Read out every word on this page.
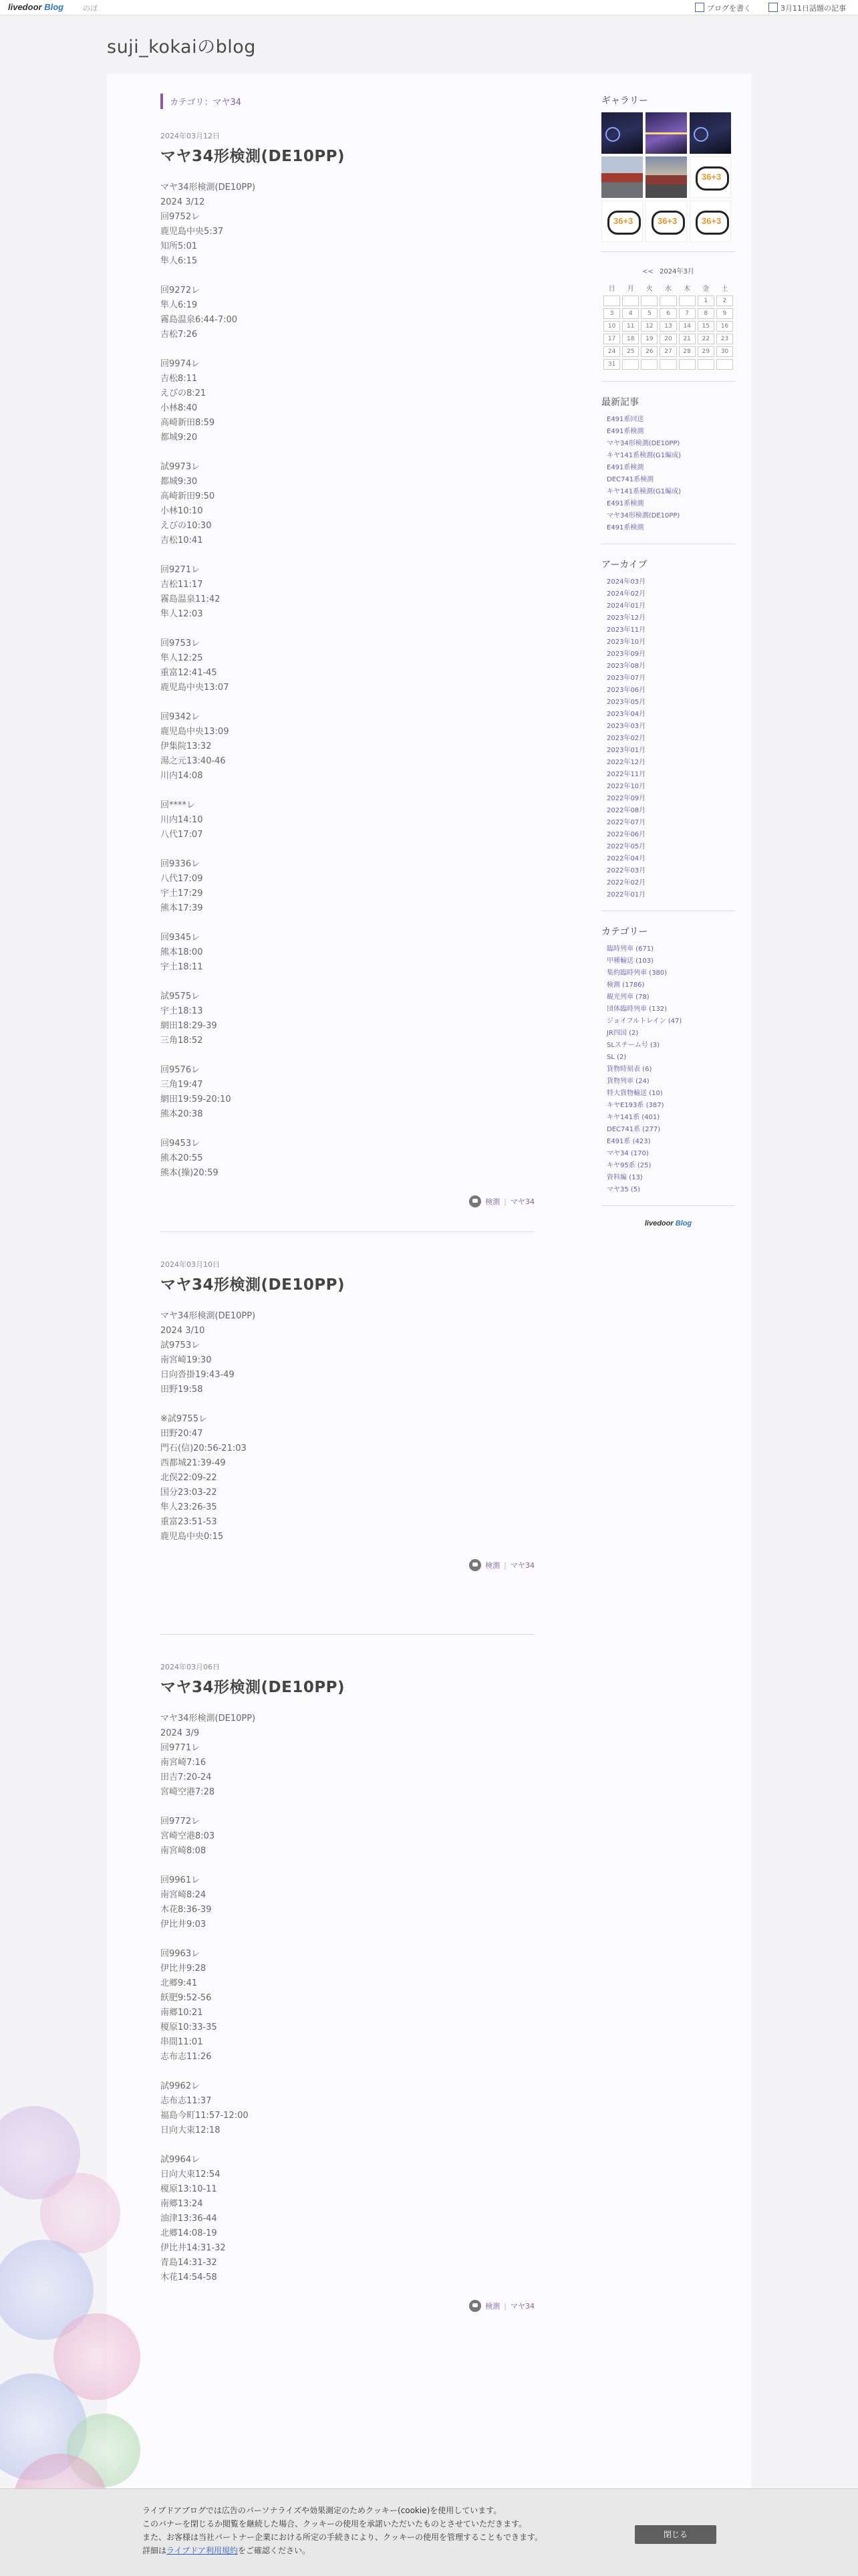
livedoor Blog	のぼ	ブログを書く	3月11日話題の記事
suji_kokaiのblog
カテゴリ：マヤ34
2024年03月12日
マヤ34形検測(DE10PP)
マヤ34形検測(DE10PP)
2024 3/12
回9752レ
鹿児島中央5:37
知所5:01
隼人6:15
回9272レ
隼人6:19
霧島温泉6:44-7:00
吉松7:26
回9974レ
吉松8:11
えびの8:21
小林8:40
高崎新田8:59
都城9:20
試9973レ
都城9:30
高崎新田9:50
小林10:10
えびの10:30
吉松10:41
回9271レ
吉松11:17
霧島温泉11:42
隼人12:03
回9753レ
隼人12:25
重富12:41-45
鹿児島中央13:07
回9342レ
鹿児島中央13:09
伊集院13:32
湯之元13:40-46
川内14:08
回****レ
川内14:10
八代17:07
回9336レ
八代17:09
宇土17:29
熊本17:39
回9345レ
熊本18:00
宇土18:11
試9575レ
宇土18:13
網田18:29-39
三角18:52
回9576レ
三角19:47
網田19:59-20:10
熊本20:38
回9453レ
熊本20:55
熊本(操)20:59
検測 | マヤ34
2024年03月10日
マヤ34形検測(DE10PP)
マヤ34形検測(DE10PP)
2024 3/10
試9753レ
南宮崎19:30
日向沓掛19:43-49
田野19:58
※試9755レ
田野20:47
門石(信)20:56-21:03
西都城21:39-49
北俣22:09-22
国分23:03-22
隼人23:26-35
重富23:51-53
鹿児島中央0:15
検測 | マヤ34
2024年03月06日
マヤ34形検測(DE10PP)
マヤ34形検測(DE10PP)
2024 3/9
回9771レ
南宮崎7:16
田吉7:20-24
宮崎空港7:28
回9772レ
宮崎空港8:03
南宮崎8:08
回9961レ
南宮崎8:24
木花8:36-39
伊比井9:03
回9963レ
伊比井9:28
北郷9:41
飫肥9:52-56
南郷10:21
榎原10:33-35
串間11:01
志布志11:26
試9962レ
志布志11:37
福島今町11:57-12:00
日向大束12:18
試9964レ
日向大束12:54
榎原13:10-11
南郷13:24
油津13:36-44
北郷14:08-19
伊比井14:31-32
青島14:31-32
木花14:54-58
検測 | マヤ34
ギャラリー
36+3
36+3	36+3	36+3
<< 2024年3月
日	月	火	水	木	金	土
					1	2
3	4	5	6	7	8	9
10	11	12	13	14	15	16
17	18	19	20	21	22	23
24	25	26	27	28	29	30
31						
最新記事
E491系回送
E491系検測
マヤ34形検測(DE10PP)
キヤ141系検測(G1編成)
E491系検測
DEC741系検測
キヤ141系検測(G1編成)
E491系検測
マヤ34形検測(DE10PP)
E491系検測
アーカイブ
2024年03月
2024年02月
2024年01月
2023年12月
2023年11月
2023年10月
2023年09月
2023年08月
2023年07月
2023年06月
2023年05月
2023年04月
2023年03月
2023年02月
2023年01月
2022年12月
2022年11月
2022年10月
2022年09月
2022年08月
2022年07月
2022年06月
2022年05月
2022年04月
2022年03月
2022年02月
2022年01月
カテゴリー
臨時列車 (671)
甲種輸送 (103)
集約臨時列車 (380)
検測 (1786)
観光列車 (78)
団体臨時列車 (132)
ジョイフルトレイン (47)
JR四国 (2)
SLスチーム号 (3)
SL (2)
貨物時刻表 (6)
貨物列車 (24)
特大貨物輸送 (10)
キヤE193系 (387)
キヤ141系 (401)
DEC741系 (277)
E491系 (423)
マヤ34 (170)
キヤ95系 (25)
資料編 (13)
マヤ35 (5)
livedoor Blog
ライブドアブログでは広告のパーソナライズや効果測定のためクッキー(cookie)を使用しています。
このバナーを閉じるか閲覧を継続した場合、クッキーの使用を承諾いただいたものとさせていただきます。
また、お客様は当社パートナー企業における所定の手続きにより、クッキーの使用を管理することもできます。
詳細はライブドア利用規約をご確認ください。
閉じる
